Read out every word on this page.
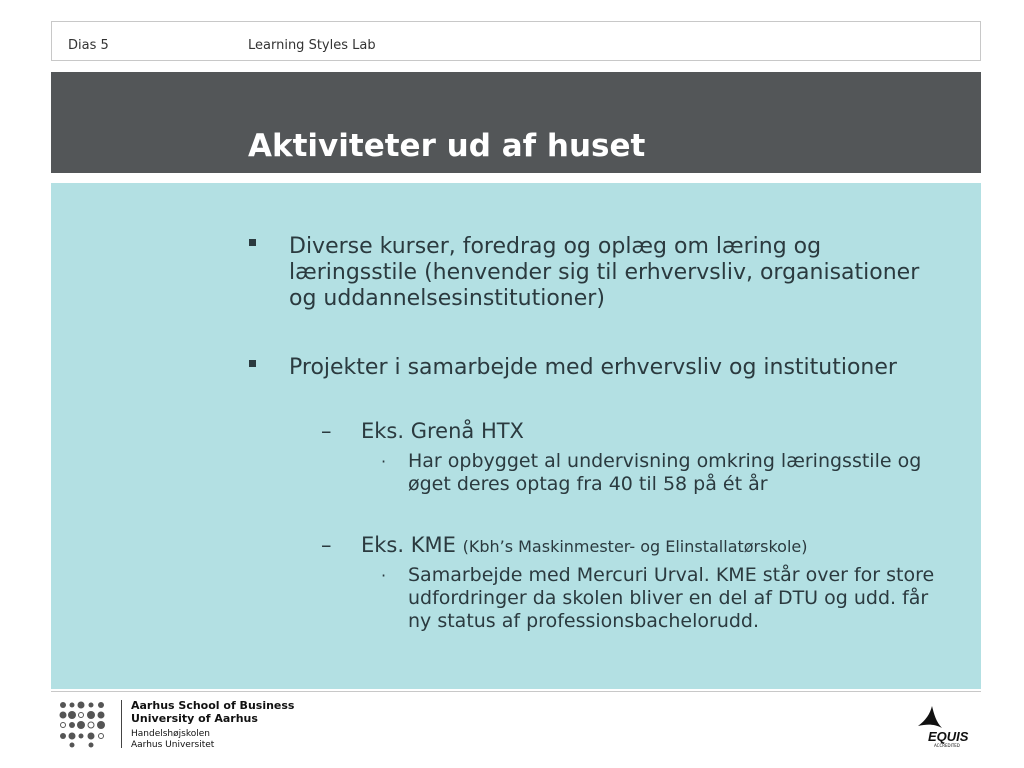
Dias 5	Learning Styles Lab
Aktiviteter ud af huset
Diverse kurser, foredrag og oplæg om læring og læringsstile (henvender sig til erhvervsliv, organisationer og uddannelsesinstitutioner)
Projekter i samarbejde med erhvervsliv og institutioner
– Eks. Grenå HTX
· Har opbygget al undervisning omkring læringsstile og øget deres optag fra 40 til 58 på ét år
– Eks. KME (Kbh’s Maskinmester- og Elinstallatørskole)
· Samarbejde med Mercuri Urval. KME står over for store udfordringer da skolen bliver en del af DTU og udd. får ny status af professionsbachelorudd.
Aarhus School of Business
University of Aarhus
Handelshøjskolen
Aarhus Universitet
EQUIS
ACCREDITED
